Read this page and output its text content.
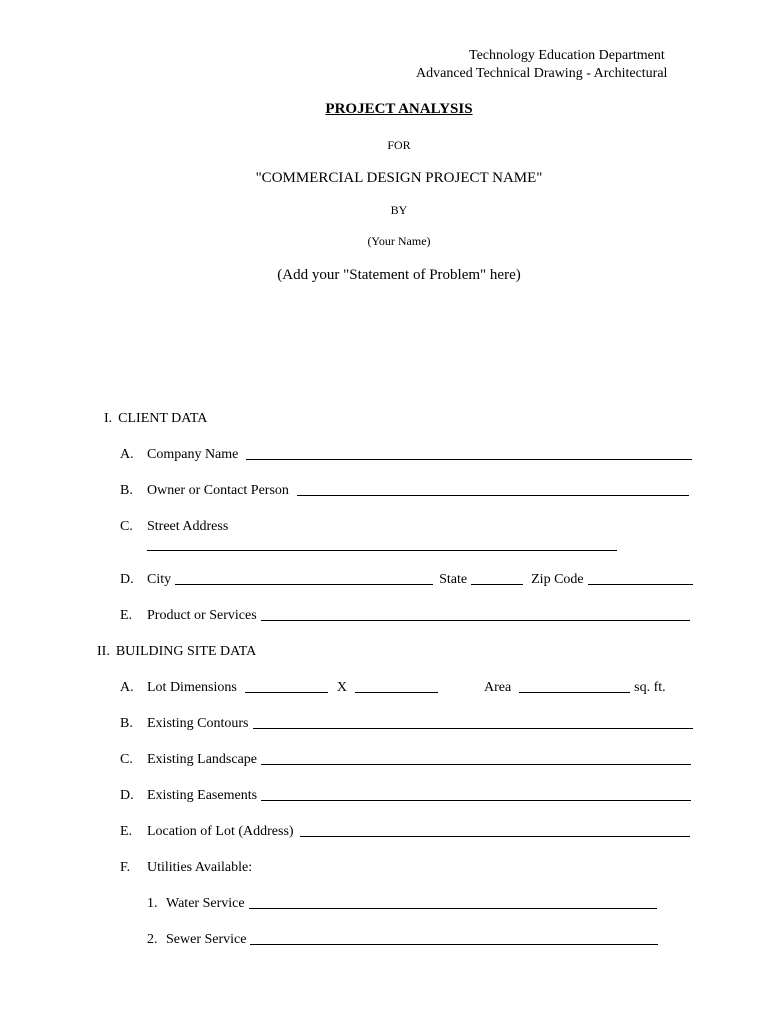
Technology Education Department
Advanced Technical Drawing - Architectural
PROJECT ANALYSIS
FOR
"COMMERCIAL DESIGN PROJECT NAME"
BY
(Your Name)
(Add your "Statement of Problem" here)
I. CLIENT DATA
A. Company Name
B.	Owner or Contact Person
C.	Street Address
D. City	State	Zip Code
E.	Product or Services
II. BUILDING SITE DATA
A. Lot Dimensions	X	Area	sq. ft.
B.	Existing Contours
C.	Existing Landscape
D. Existing Easements
E.	Location of Lot (Address)
F.	Utilities Available:
1. Water Service
2. Sewer Service
